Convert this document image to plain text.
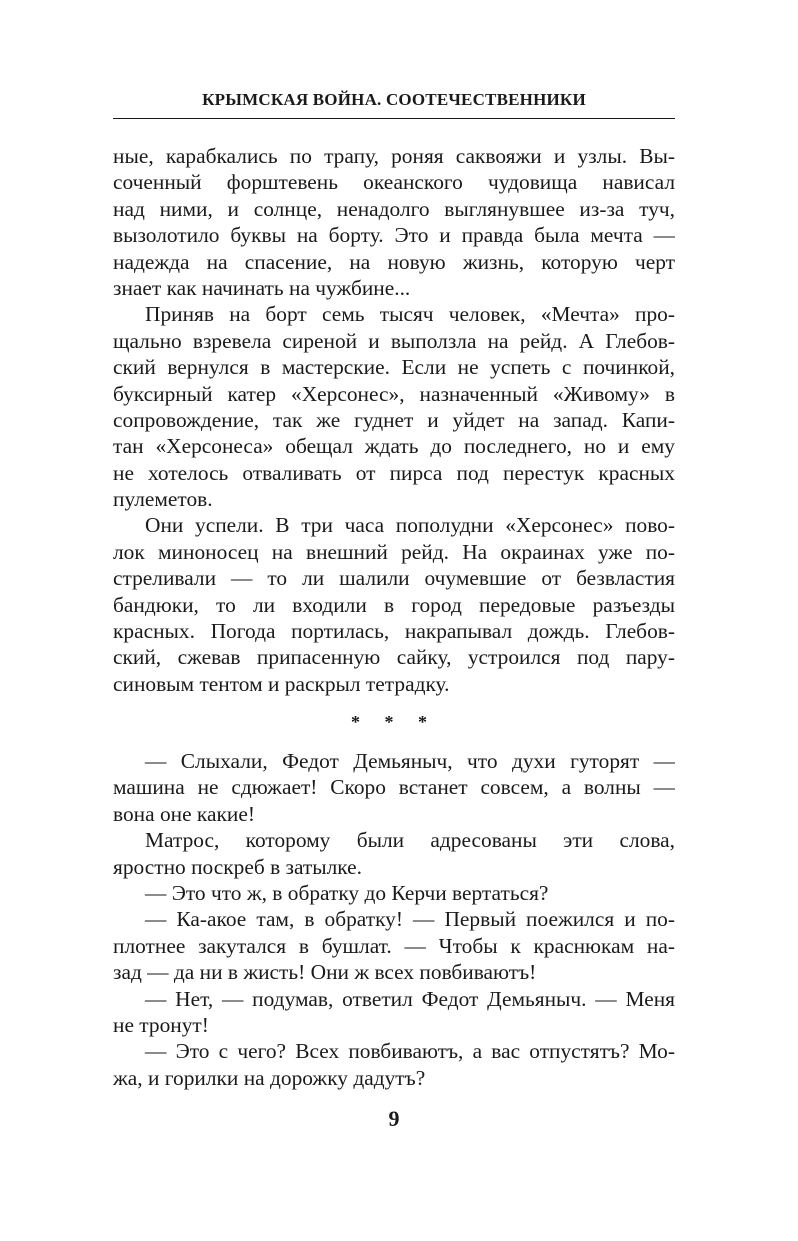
КРЫМСКАЯ ВОЙНА. СООТЕЧЕСТВЕННИКИ
ные, карабкались по трапу, роняя саквояжи и узлы. Вы-
соченный форштевень океанского чудовища нависал
над ними, и солнце, ненадолго выглянувшее из-за туч,
вызолотило буквы на борту. Это и правда была мечта —
надежда на спасение, на новую жизнь, которую черт
знает как начинать на чужбине...
Приняв на борт семь тысяч человек, «Мечта» про-
щально взревела сиреной и выползла на рейд. А Глебов-
ский вернулся в мастерские. Если не успеть с починкой,
буксирный катер «Херсонес», назначенный «Живому» в
сопровождение, так же гуднет и уйдет на запад. Капи-
тан «Херсонеса» обещал ждать до последнего, но и ему
не хотелось отваливать от пирса под перестук красных
пулеметов.
Они успели. В три часа пополудни «Херсонес» пово-
лок миноносец на внешний рейд. На окраинах уже по-
стреливали — то ли шалили очумевшие от безвластия
бандюки, то ли входили в город передовые разъезды
красных. Погода портилась, накрапывал дождь. Глебов-
ский, сжевав припасенную сайку, устроился под пару-
синовым тентом и раскрыл тетрадку.
* * *
— Слыхали, Федот Демьяныч, что духи гуторят —
машина не сдюжает! Скоро встанет совсем, а волны —
вона оне какие!
Матрос, которому были адресованы эти слова,
яростно поскреб в затылке.
— Это что ж, в обратку до Керчи вертаться?
— Ка-акое там, в обратку! — Первый поежился и по-
плотнее закутался в бушлат. — Чтобы к краснюкам на-
зад — да ни в жисть! Они ж всех повбиваютъ!
— Нет, — подумав, ответил Федот Демьяныч. — Меня
не тронут!
— Это с чего? Всех повбиваютъ, а вас отпустятъ? Мо-
жа, и горилки на дорожку дадутъ?
9
